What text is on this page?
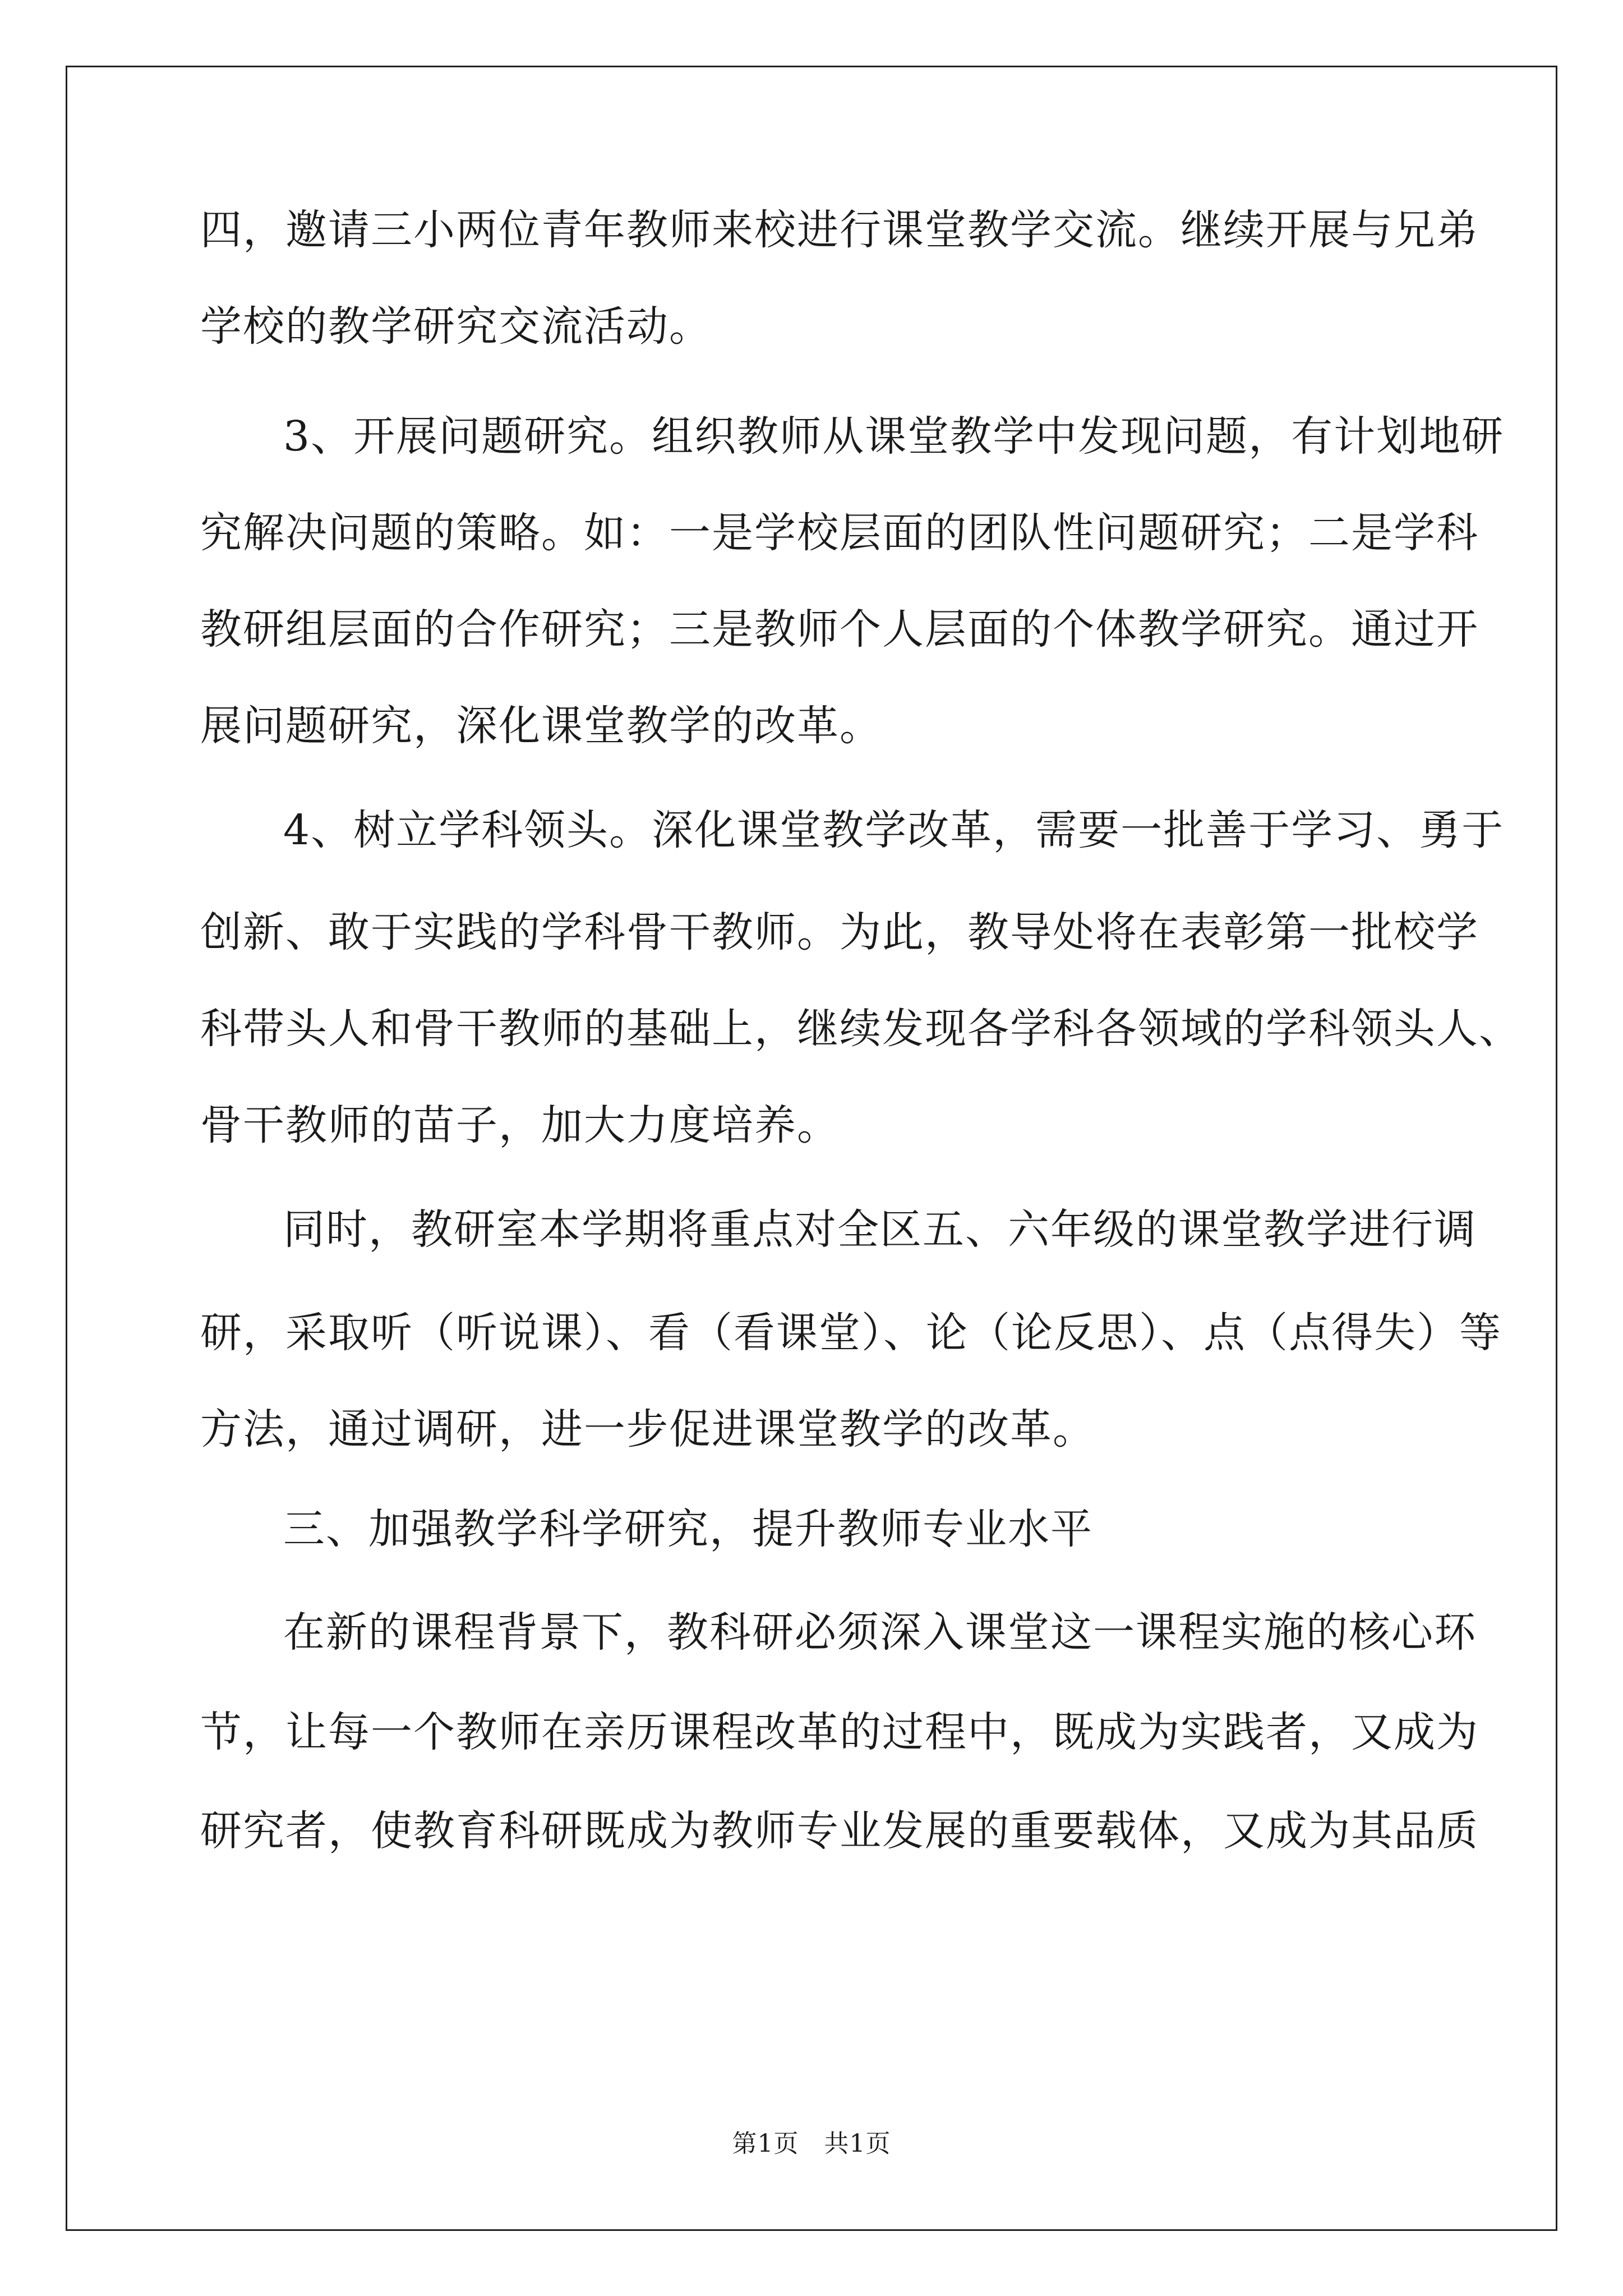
四，邀请三小两位青年教师来校进行课堂教学交流。继续开展与兄弟
学校的教学研究交流活动。
3、开展问题研究。组织教师从课堂教学中发现问题，有计划地研
究解决问题的策略。如：一是学校层面的团队性问题研究；二是学科
教研组层面的合作研究；三是教师个人层面的个体教学研究。通过开
展问题研究，深化课堂教学的改革。
4、树立学科领头。深化课堂教学改革，需要一批善于学习、勇于
创新、敢于实践的学科骨干教师。为此，教导处将在表彰第一批校学
科带头人和骨干教师的基础上，继续发现各学科各领域的学科领头人、
骨干教师的苗子，加大力度培养。
同时，教研室本学期将重点对全区五、六年级的课堂教学进行调
研，采取听（听说课）、看（看课堂）、论（论反思）、点（点得失）等
方法，通过调研，进一步促进课堂教学的改革。
三、加强教学科学研究，提升教师专业水平
在新的课程背景下，教科研必须深入课堂这一课程实施的核心环
节，让每一个教师在亲历课程改革的过程中，既成为实践者，又成为
研究者，使教育科研既成为教师专业发展的重要载体，又成为其品质
第1页　共1页
